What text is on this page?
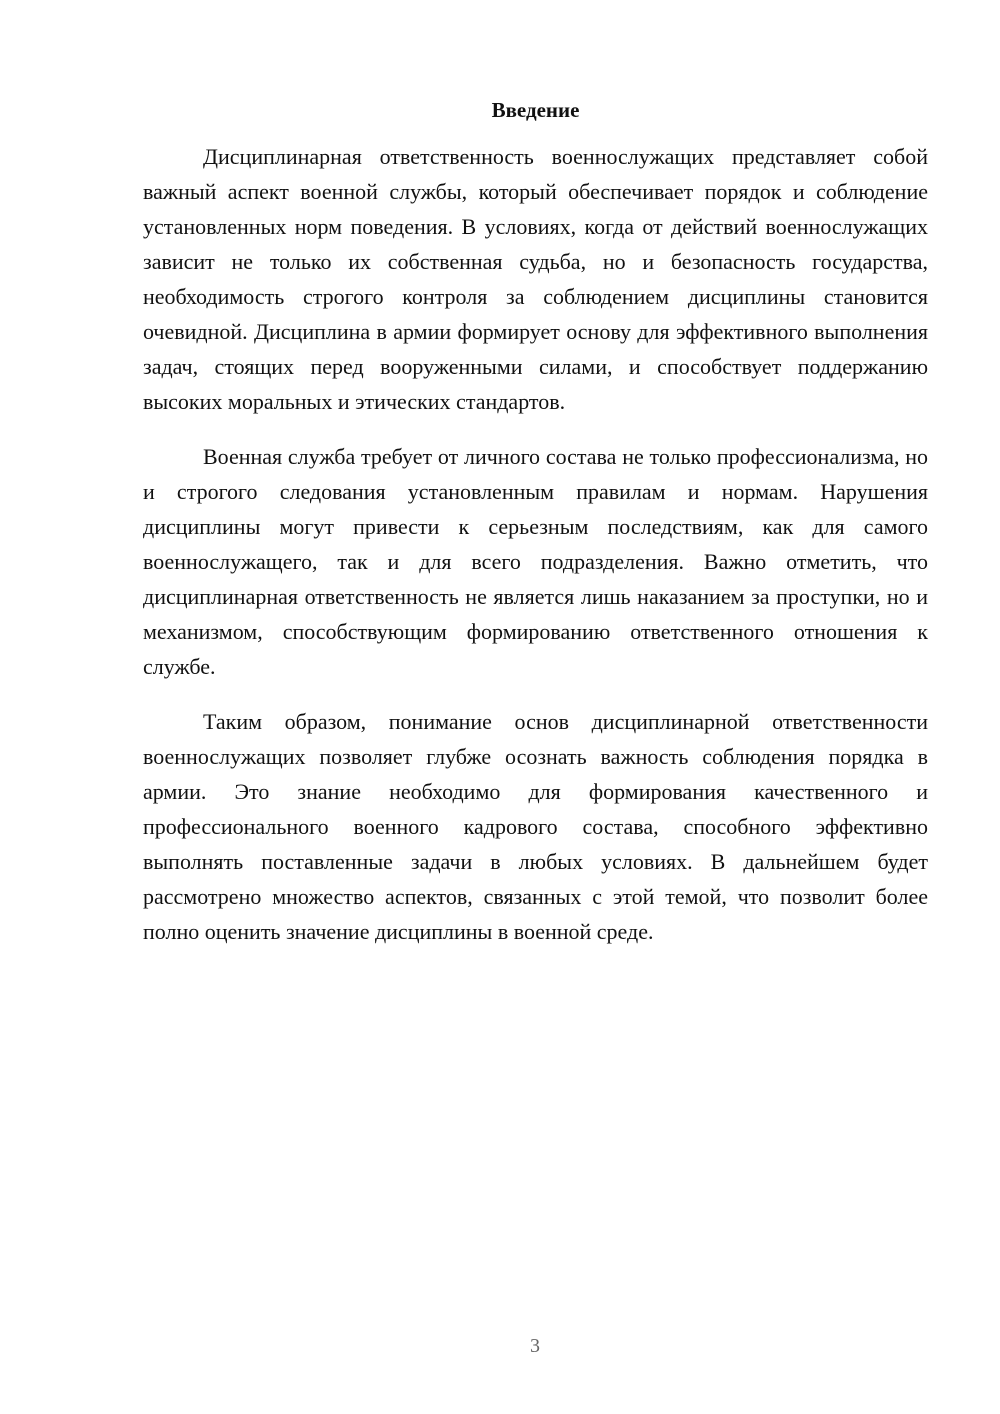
Введение

Дисциплинарная ответственность военнослужащих представляет собой важный аспект военной службы, который обеспечивает порядок и соблюдение установленных норм поведения. В условиях, когда от действий военнослужащих зависит не только их собственная судьба, но и безопасность государства, необходимость строгого контроля за соблюдением дисциплины становится очевидной. Дисциплина в армии формирует основу для эффективного выполнения задач, стоящих перед вооруженными силами, и способствует поддержанию высоких моральных и этических стандартов.

Военная служба требует от личного состава не только профессионализма, но и строгого следования установленным правилам и нормам. Нарушения дисциплины могут привести к серьезным последствиям, как для самого военнослужащего, так и для всего подразделения. Важно отметить, что дисциплинарная ответственность не является лишь наказанием за проступки, но и механизмом, способствующим формированию ответственного отношения к службе.

Таким образом, понимание основ дисциплинарной ответственности военнослужащих позволяет глубже осознать важность соблюдения порядка в армии. Это знание необходимо для формирования качественного и профессионального военного кадрового состава, способного эффективно выполнять поставленные задачи в любых условиях. В дальнейшем будет рассмотрено множество аспектов, связанных с этой темой, что позволит более полно оценить значение дисциплины в военной среде.

3
